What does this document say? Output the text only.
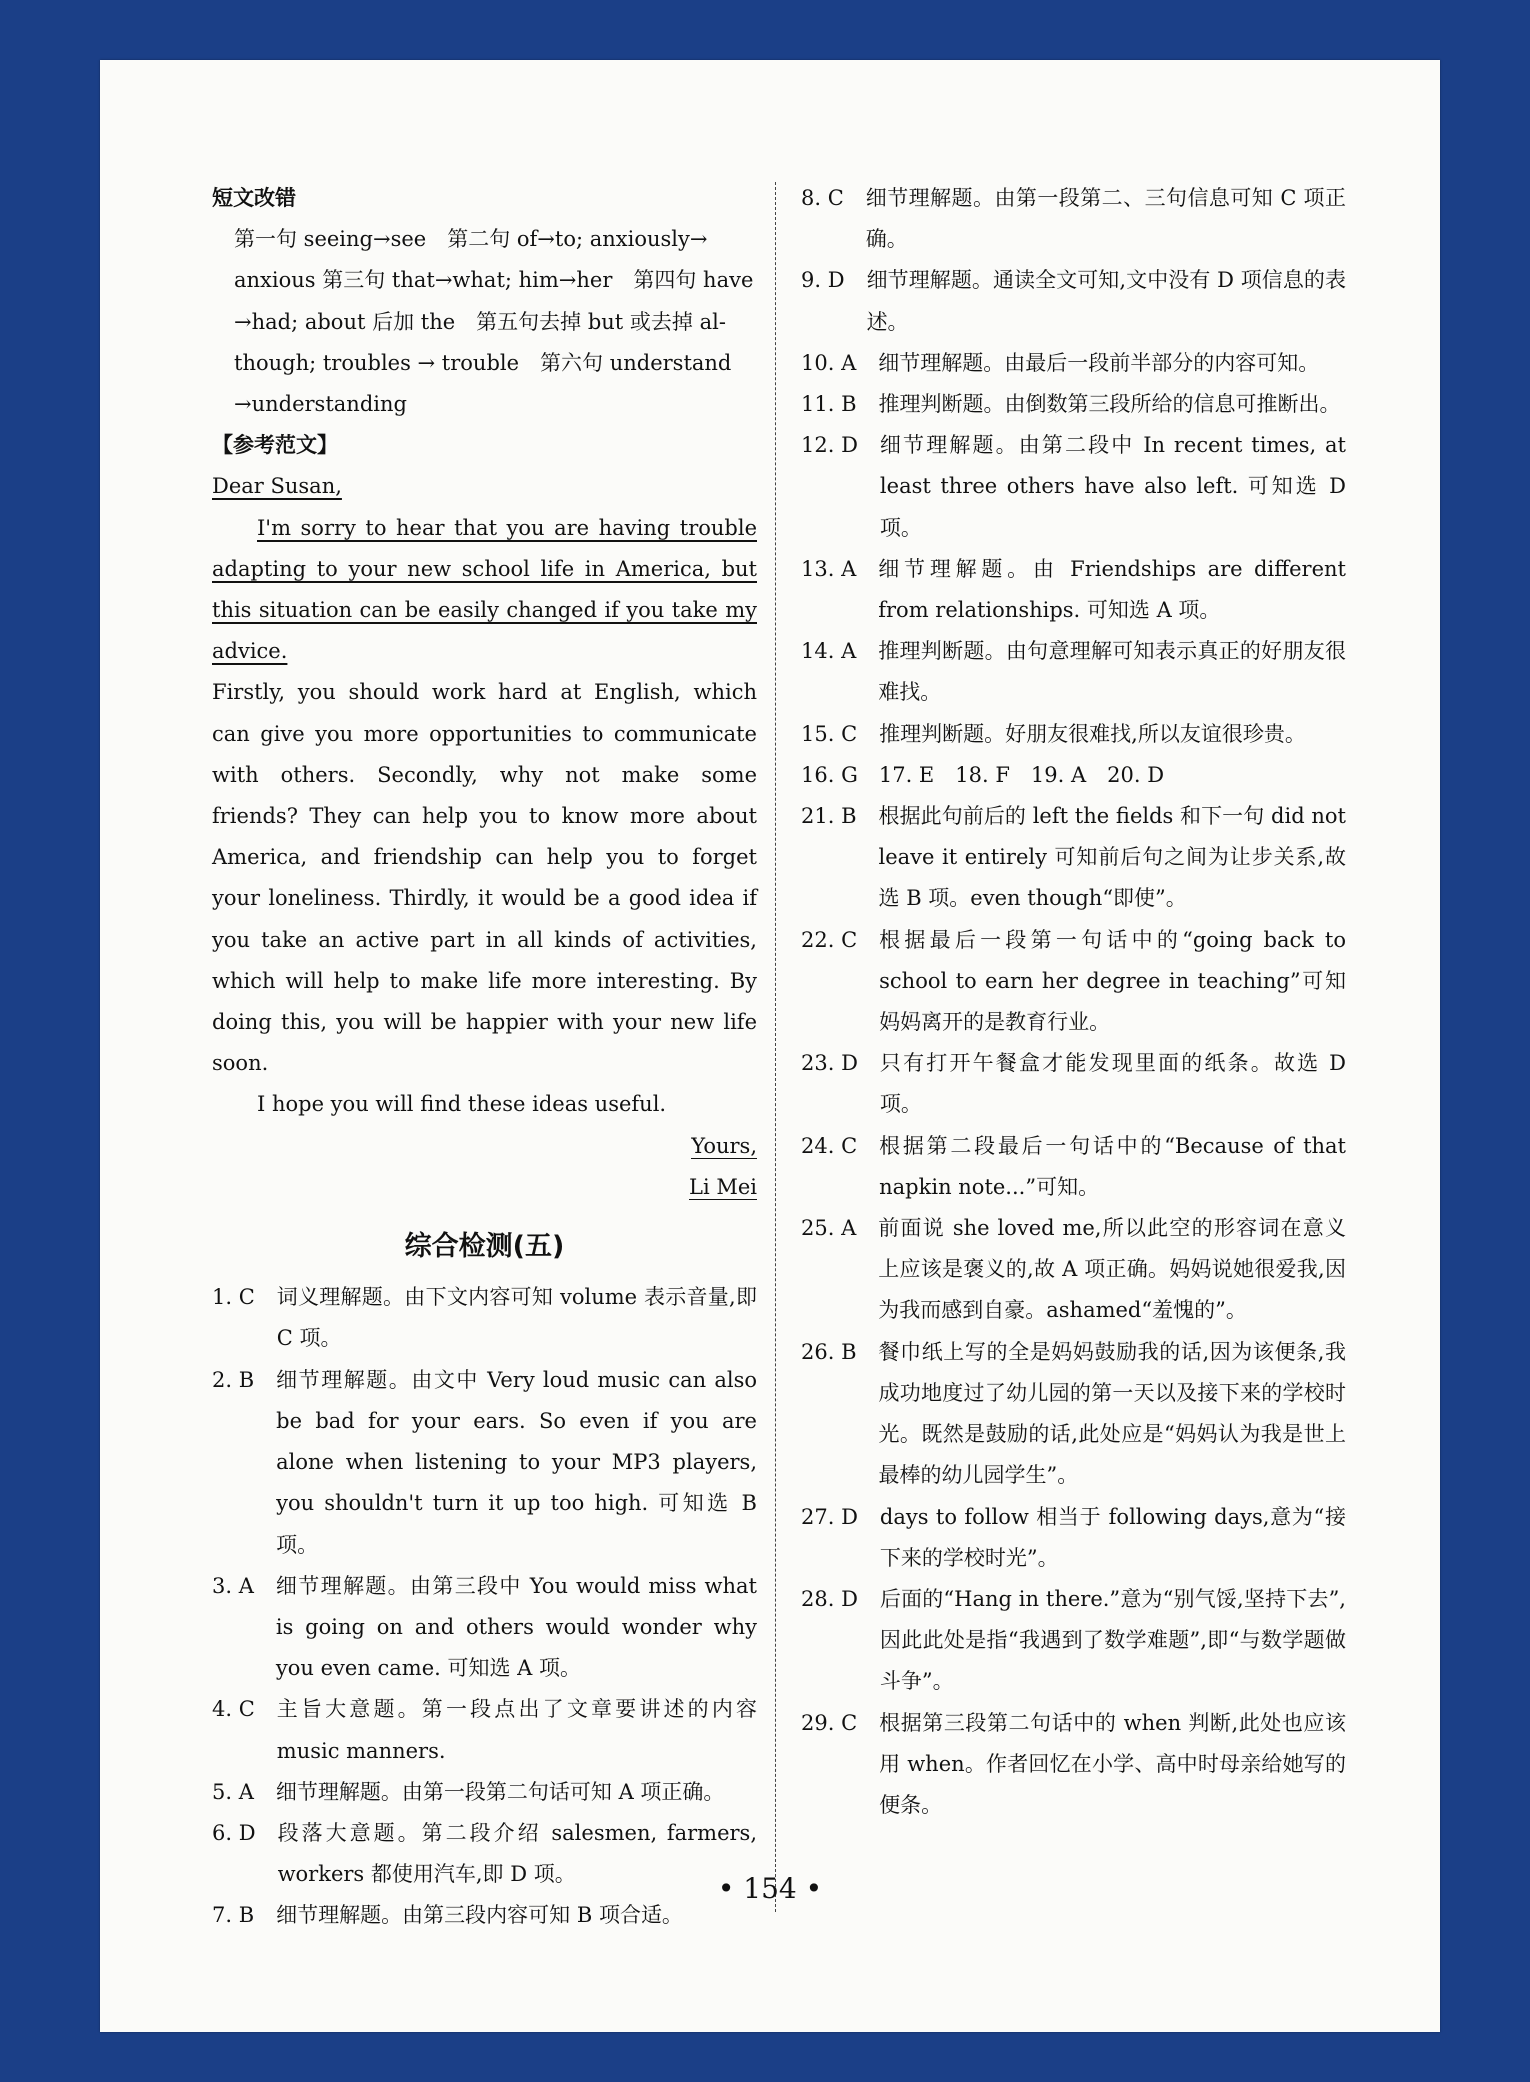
短文改错
第一句 seeing→see　第二句 of→to; anxiously→
anxious 第三句 that→what; him→her　第四句 have
→had; about 后加 the　第五句去掉 but 或去掉 al-
though; troubles → trouble　第六句 understand
→understanding
【参考范文】
Dear Susan,
I'm sorry to hear that you are having trouble adapting to your new school life in America, but this situation can be easily changed if you take my advice.
Firstly, you should work hard at English, which can give you more opportunities to communicate with others. Secondly, why not make some friends? They can help you to know more about America, and friendship can help you to forget your loneliness. Thirdly, it would be a good idea if you take an active part in all kinds of activities, which will help to make life more interesting. By doing this, you will be happier with your new life soon.
I hope you will find these ideas useful.
Yours,
Li Mei
综合检测(五)
1. C 词义理解题。由下文内容可知 volume 表示音量,即 C 项。
2. B 细节理解题。由文中 Very loud music can also be bad for your ears. So even if you are alone when listening to your MP3 players, you shouldn't turn it up too high. 可知选 B 项。
3. A 细节理解题。由第三段中 You would miss what is going on and others would wonder why you even came. 可知选 A 项。
4. C 主旨大意题。第一段点出了文章要讲述的内容 music manners.
5. A 细节理解题。由第一段第二句话可知 A 项正确。
6. D 段落大意题。第二段介绍 salesmen, farmers, workers 都使用汽车,即 D 项。
7. B 细节理解题。由第三段内容可知 B 项合适。
8. C 细节理解题。由第一段第二、三句信息可知 C 项正确。
9. D 细节理解题。通读全文可知,文中没有 D 项信息的表述。
10. A 细节理解题。由最后一段前半部分的内容可知。
11. B 推理判断题。由倒数第三段所给的信息可推断出。
12. D 细节理解题。由第二段中 In recent times, at least three others have also left. 可知选 D 项。
13. A 细节理解题。由 Friendships are different from relationships. 可知选 A 项。
14. A 推理判断题。由句意理解可知表示真正的好朋友很难找。
15. C 推理判断题。好朋友很难找,所以友谊很珍贵。
16. G　17. E　18. F　19. A　20. D
21. B 根据此句前后的 left the fields 和下一句 did not leave it entirely 可知前后句之间为让步关系,故选 B 项。even though“即使”。
22. C 根据最后一段第一句话中的“going back to school to earn her degree in teaching”可知妈妈离开的是教育行业。
23. D 只有打开午餐盒才能发现里面的纸条。故选 D 项。
24. C 根据第二段最后一句话中的“Because of that napkin note...”可知。
25. A 前面说 she loved me,所以此空的形容词在意义上应该是褒义的,故 A 项正确。妈妈说她很爱我,因为我而感到自豪。ashamed“羞愧的”。
26. B 餐巾纸上写的全是妈妈鼓励我的话,因为该便条,我成功地度过了幼儿园的第一天以及接下来的学校时光。既然是鼓励的话,此处应是“妈妈认为我是世上最棒的幼儿园学生”。
27. D days to follow 相当于 following days,意为“接下来的学校时光”。
28. D 后面的“Hang in there.”意为“别气馁,坚持下去”,因此此处是指“我遇到了数学难题”,即“与数学题做斗争”。
29. C 根据第三段第二句话中的 when 判断,此处也应该用 when。作者回忆在小学、高中时母亲给她写的便条。
• 154 •
